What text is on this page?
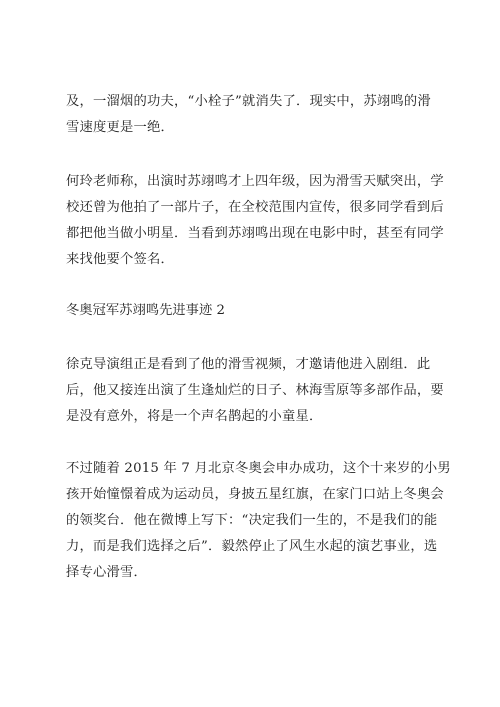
及，一溜烟的功夫，“小栓子”就消失了．现实中，苏翊鸣的滑
雪速度更是一绝．

何玲老师称，出演时苏翊鸣才上四年级，因为滑雪天赋突出，学
校还曾为他拍了一部片子，在全校范围内宣传，很多同学看到后
都把他当做小明星．当看到苏翊鸣出现在电影中时，甚至有同学
来找他要个签名．

冬奥冠军苏翊鸣先进事迹 2

徐克导演组正是看到了他的滑雪视频，才邀请他进入剧组．此
后，他又接连出演了生逢灿烂的日子、林海雪原等多部作品，要
是没有意外，将是一个声名鹊起的小童星．

不过随着 2015 年 7 月北京冬奥会申办成功，这个十来岁的小男
孩开始憧憬着成为运动员，身披五星红旗，在家门口站上冬奥会
的领奖台．他在微博上写下：“决定我们一生的，不是我们的能
力，而是我们选择之后”．毅然停止了风生水起的演艺事业，选
择专心滑雪．
